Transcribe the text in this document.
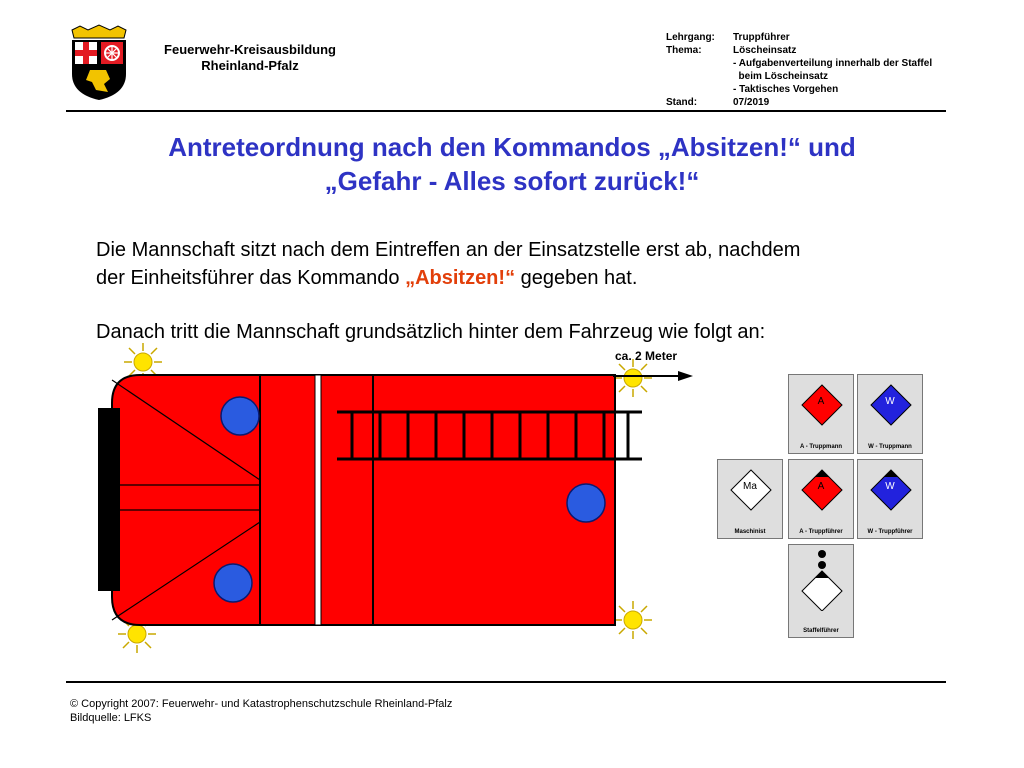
Feuerwehr-Kreisausbildung
Rheinland-Pfalz
Lehrgang:	Truppführer
Thema:	Löscheinsatz
- Aufgabenverteilung innerhalb der Staffel
beim Löscheinsatz
- Taktisches Vorgehen
Stand:	07/2019
Antreteordnung nach den Kommandos „Absitzen!“ und
„Gefahr - Alles sofort zurück!“
Die Mannschaft sitzt nach dem Eintreffen an der Einsatzstelle erst ab, nachdem
der Einheitsführer das Kommando „Absitzen!“ gegeben hat.
Danach tritt die Mannschaft grundsätzlich hinter dem Fahrzeug wie folgt an:
ca. 2 Meter
A
A - Truppmann
W
W - Truppmann
Ma
Maschinist
A
A - Truppführer
W
W - Truppführer
Staffelführer
© Copyright 2007: Feuerwehr- und Katastrophenschutzschule Rheinland-Pfalz
Bildquelle: LFKS
